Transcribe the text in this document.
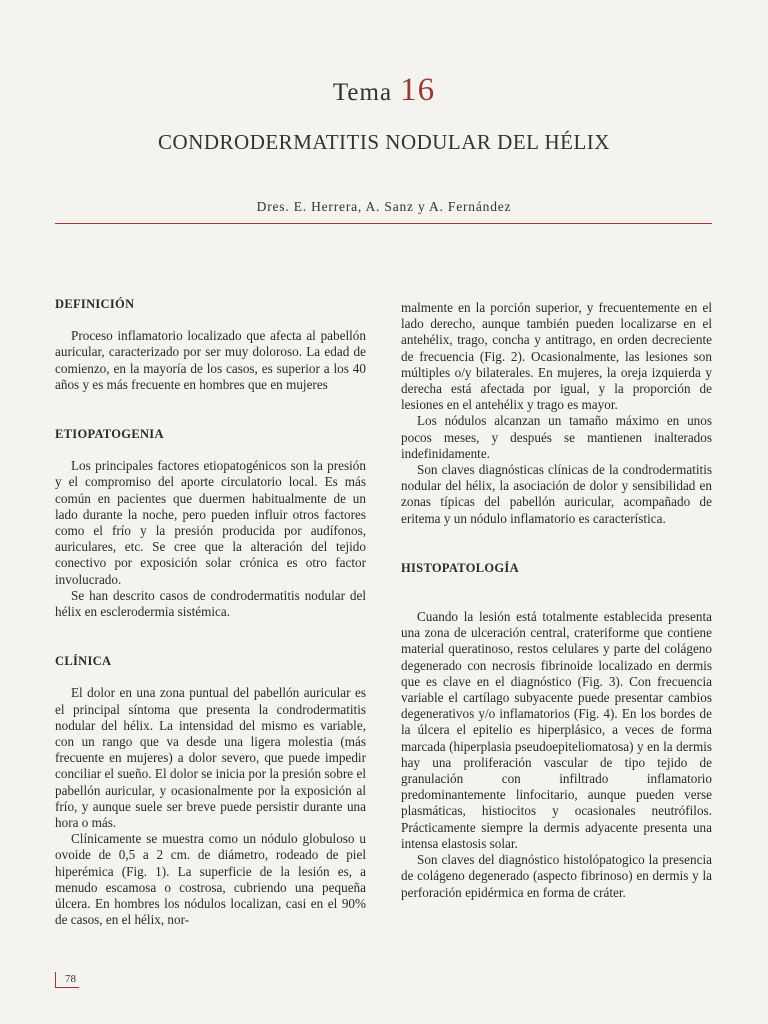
Tema 16
CONDRODERMATITIS NODULAR DEL HÉLIX
Dres. E. Herrera, A. Sanz y A. Fernández
DEFINICIÓN

Proceso inflamatorio localizado que afecta al pabellón auricular, caracterizado por ser muy doloroso. La edad de comienzo, en la mayoría de los casos, es superior a los 40 años y es más frecuente en hombres que en mujeres

ETIOPATOGENIA

Los principales factores etiopatogénicos son la presión y el compromiso del aporte circulatorio local. Es más común en pacientes que duermen habitualmente de un lado durante la noche, pero pueden influir otros factores como el frío y la presión producida por audífonos, auriculares, etc. Se cree que la alteración del tejido conectivo por exposición solar crónica es otro factor involucrado.

Se han descrito casos de condrodermatitis nodular del hélix en esclerodermia sistémica.

CLÍNICA

El dolor en una zona puntual del pabellón auricular es el principal síntoma que presenta la condrodermatitis nodular del hélix. La intensidad del mismo es variable, con un rango que va desde una ligera molestia (más frecuente en mujeres) a dolor severo, que puede impedir conciliar el sueño. El dolor se inicia por la presión sobre el pabellón auricular, y ocasionalmente por la exposición al frío, y aunque suele ser breve puede persistir durante una hora o más.

Clínicamente se muestra como un nódulo globuloso u ovoide de 0,5 a 2 cm. de diámetro, rodeado de piel hiperémica (Fig. 1). La superficie de la lesión es, a menudo escamosa o costrosa, cubriendo una pequeña úlcera. En hombres los nódulos localizan, casi en el 90% de casos, en el hélix, nor-

malmente en la porción superior, y frecuentemente en el lado derecho, aunque también pueden localizarse en el antehélix, trago, concha y antitrago, en orden decreciente de frecuencia (Fig. 2). Ocasionalmente, las lesiones son múltiples o/y bilaterales. En mujeres, la oreja izquierda y derecha está afectada por igual, y la proporción de lesiones en el antehélix y trago es mayor.

Los nódulos alcanzan un tamaño máximo en unos pocos meses, y después se mantienen inalterados indefinidamente.

Son claves diagnósticas clínicas de la condrodermatitis nodular del hélix, la asociación de dolor y sensibilidad en zonas típicas del pabellón auricular, acompañado de eritema y un nódulo inflamatorio es característica.

HISTOPATOLOGÍA

Cuando la lesión está totalmente establecida presenta una zona de ulceración central, crateriforme que contiene material queratinoso, restos celulares y parte del colágeno degenerado con necrosis fibrinoide localizado en dermis que es clave en el diagnóstico (Fig. 3). Con frecuencia variable el cartílago subyacente puede presentar cambios degenerativos y/o inflamatorios (Fig. 4). En los bordes de la úlcera el epitelio es hiperplásico, a veces de forma marcada (hiperplasia pseudoepiteliomatosa) y en la dermis hay una proliferación vascular de tipo tejido de granulación con infiltrado inflamatorio predominantemente linfocitario, aunque pueden verse plasmáticas, histiocitos y ocasionales neutrófilos. Prácticamente siempre la dermis adyacente presenta una intensa elastosis solar.

Son claves del diagnóstico histolópatogico la presencia de colágeno degenerado (aspecto fibrinoso) en dermis y la perforación epidérmica en forma de cráter.

78
